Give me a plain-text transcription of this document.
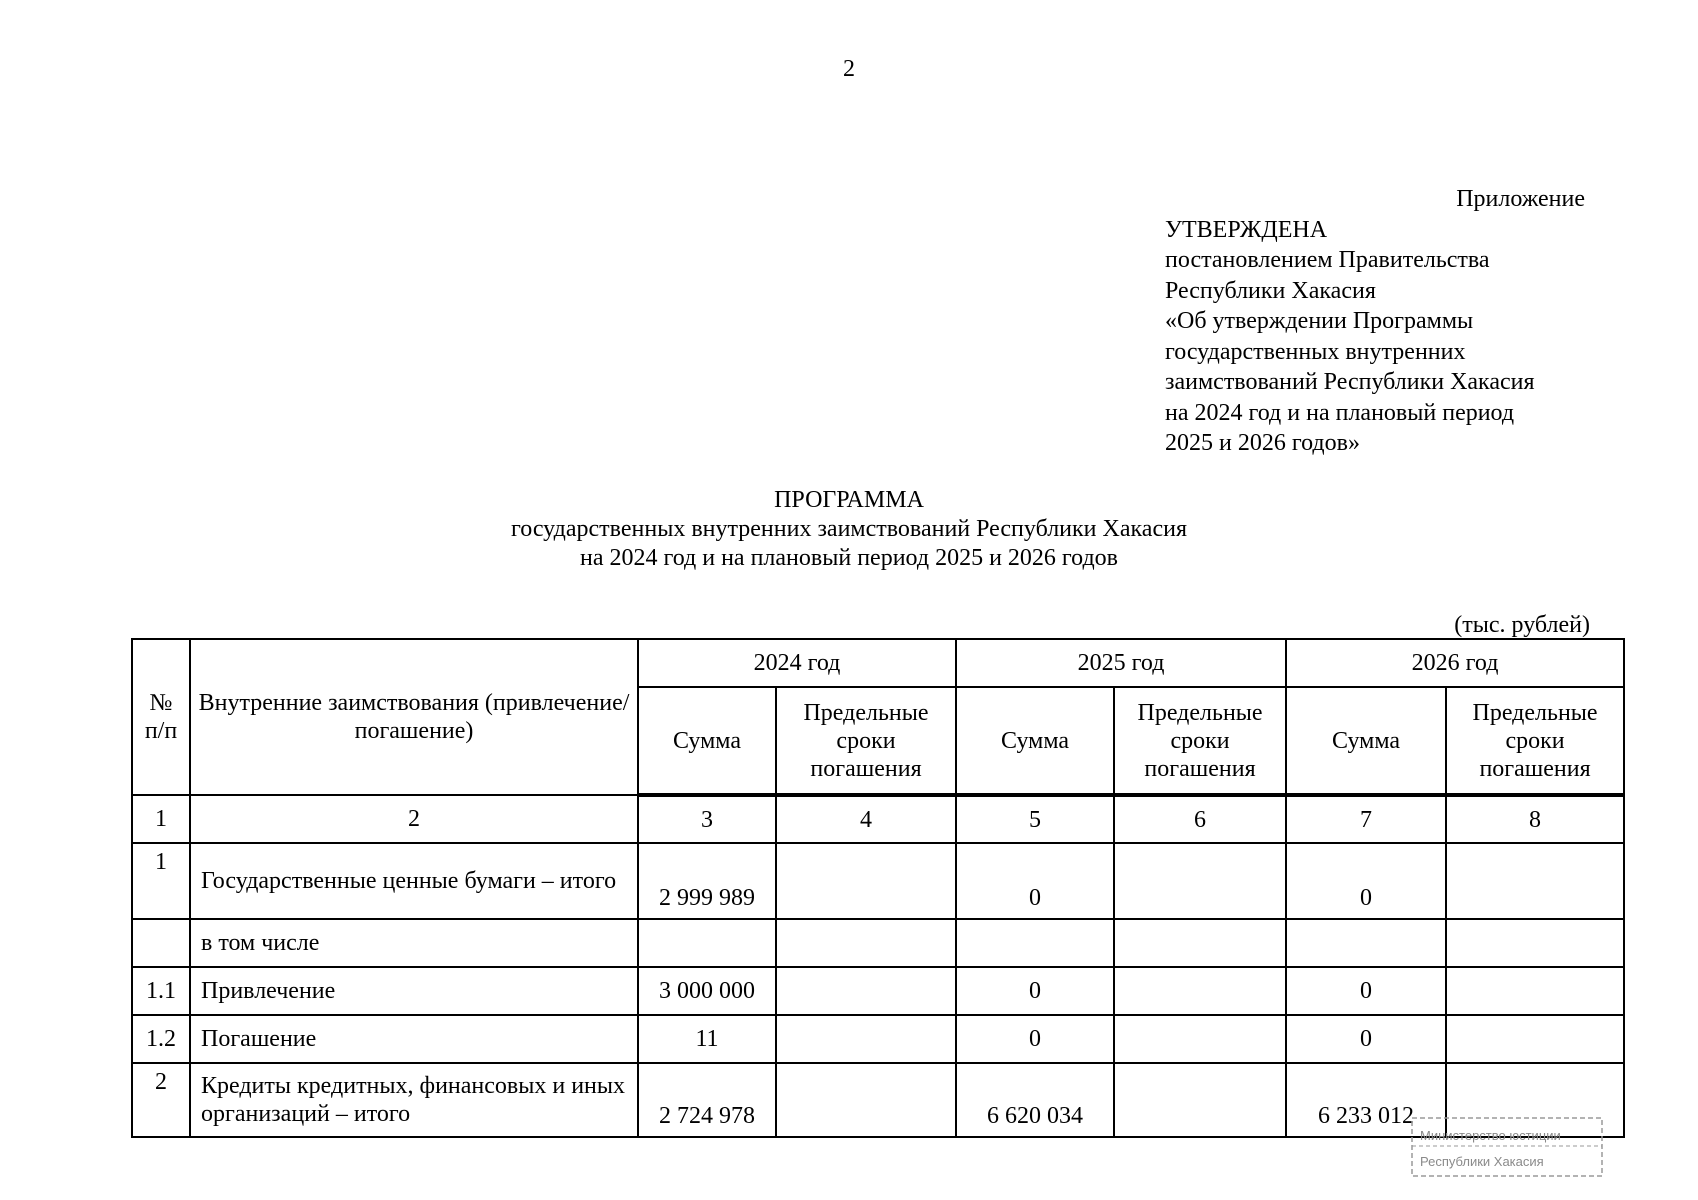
2
Приложение
УТВЕРЖДЕНА
постановлением Правительства
Республики Хакасия
«Об утверждении Программы
государственных внутренних
заимствований Республики Хакасия
на 2024 год и на плановый период
2025 и 2026 годов»
ПРОГРАММА
государственных внутренних заимствований Республики Хакасия
на 2024 год и на плановый период 2025 и 2026 годов
(тыс. рублей)
№ п/п	Внутренние заимствования (привлечение/погашение)	2024 год		2025 год		2026 год	
		Сумма	Предельные сроки погашения	Сумма	Предельные сроки погашения	Сумма	Предельные сроки погашения
1	2	3	4	5	6	7	8
1	Государственные ценные бумаги – итого	2 999 989		0		0	
	в том числе						
1.1	Привлечение	3 000 000		0		0	
1.2	Погашение	11		0		0	
2	Кредиты кредитных, финансовых и иных организаций – итого	2 724 978		6 620 034		6 233 012	
Министерство юстиции
Республики Хакасия
